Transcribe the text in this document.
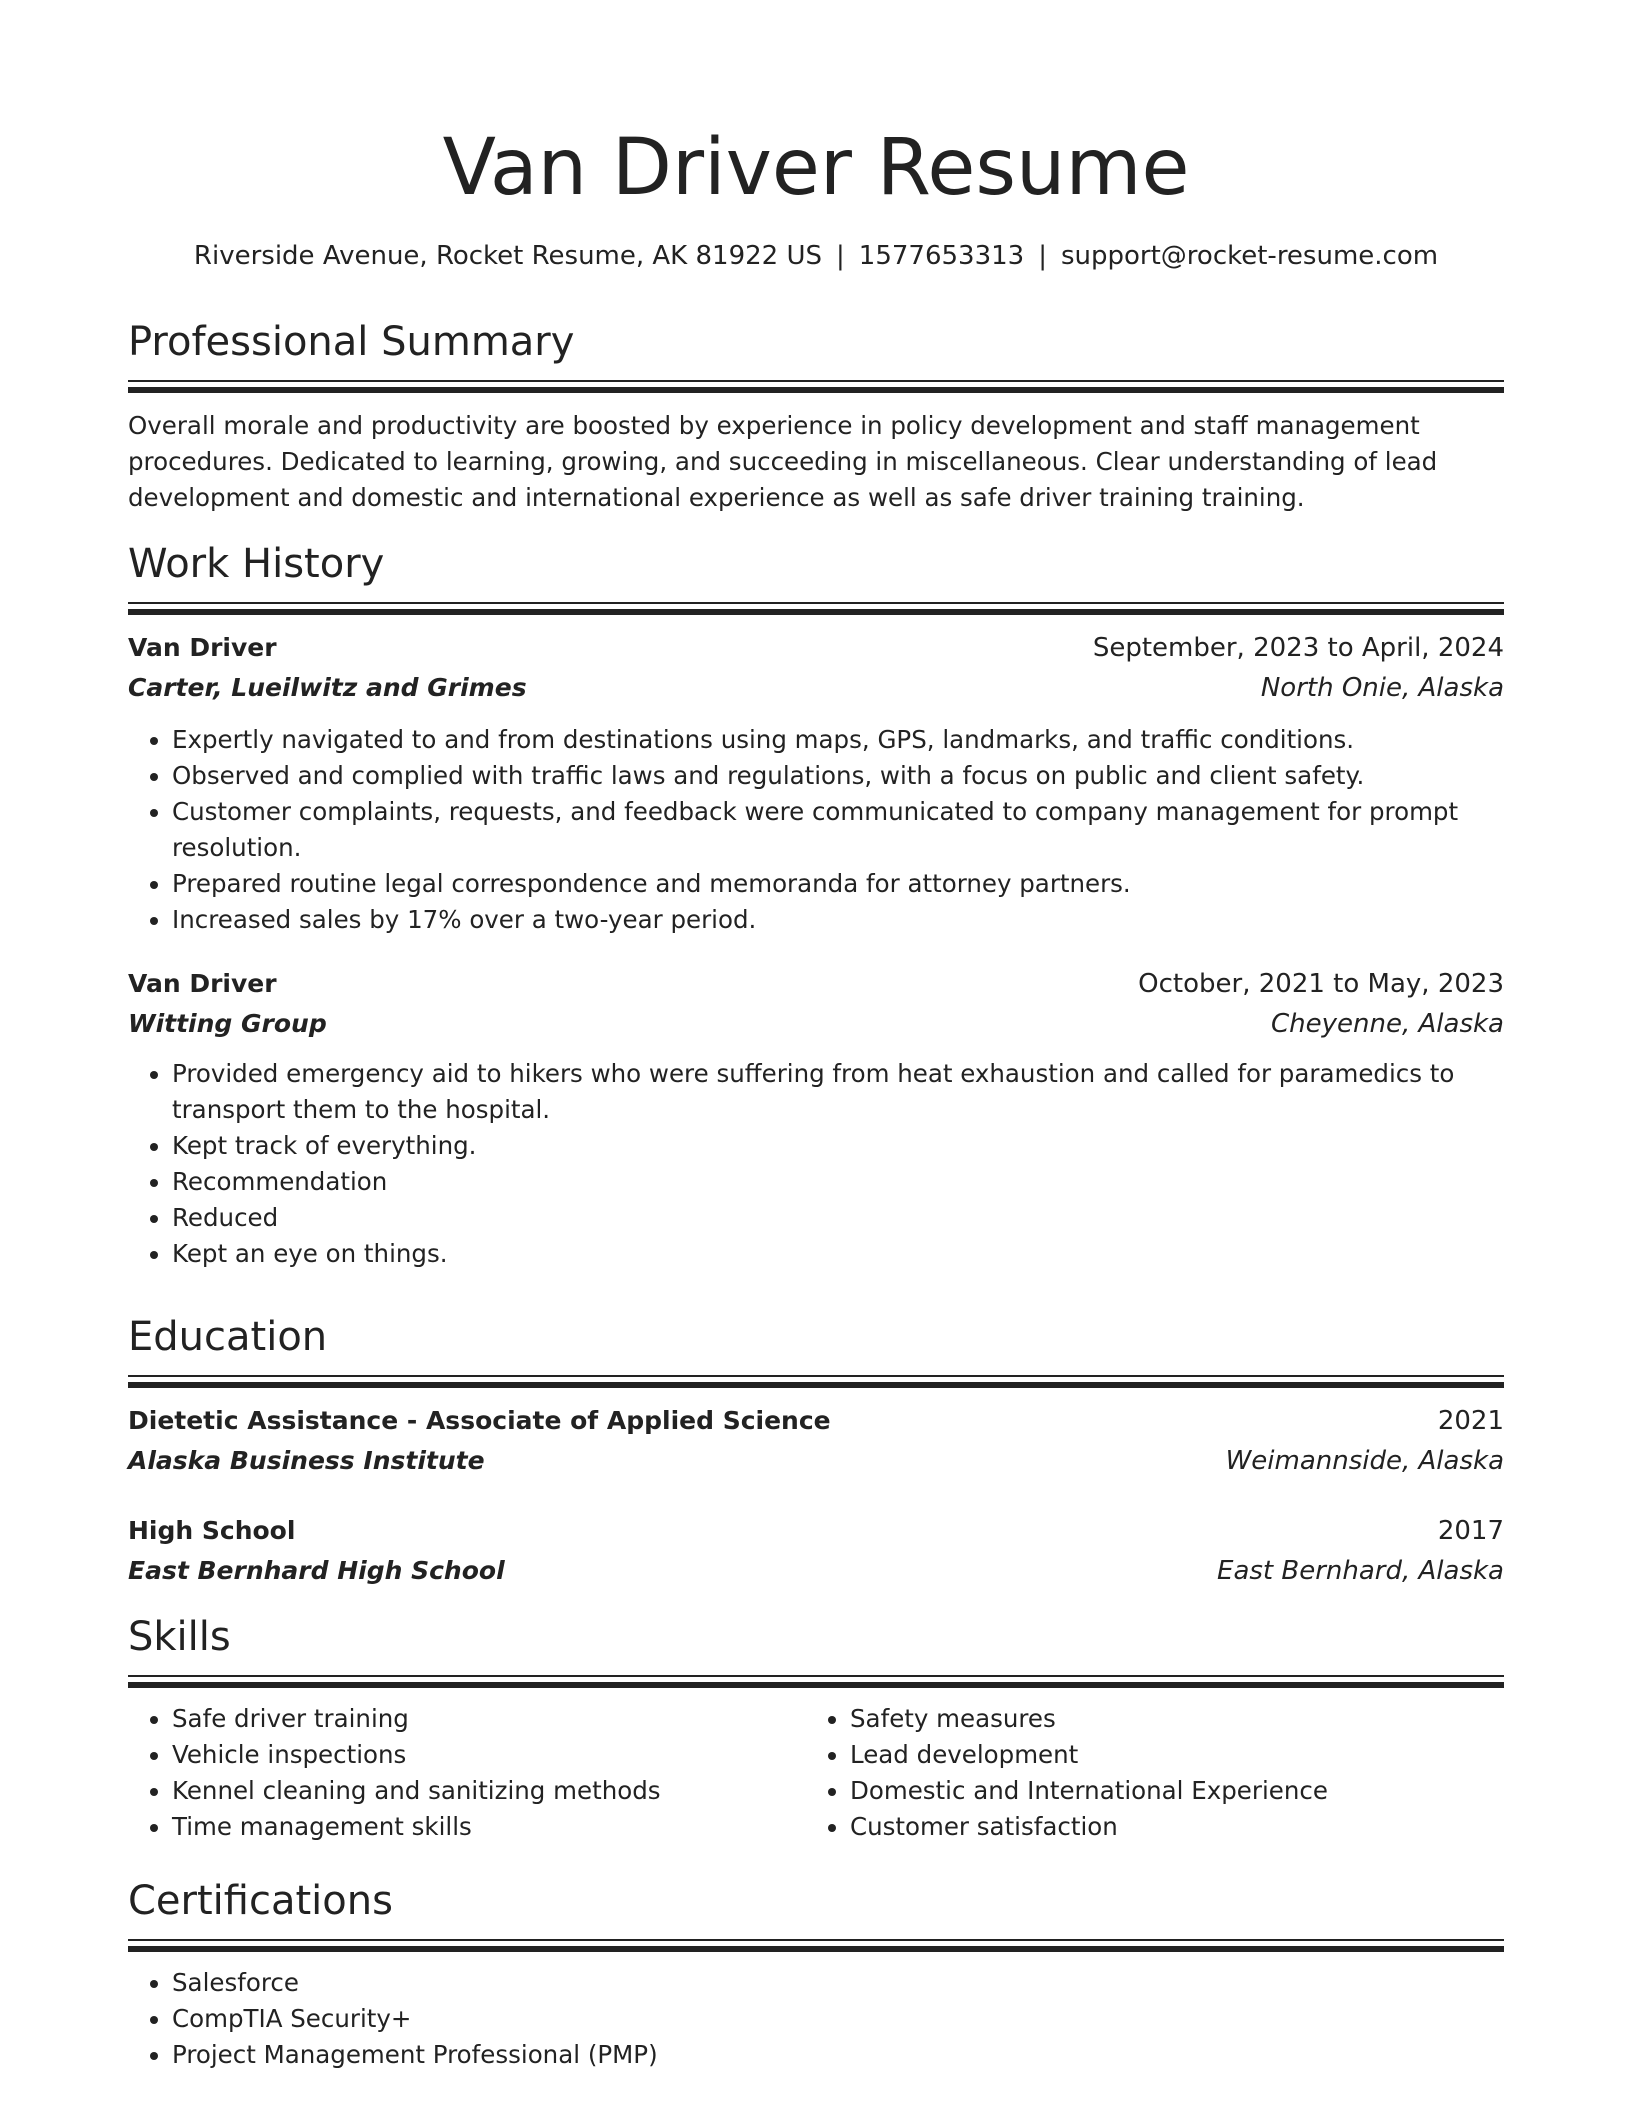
Van Driver Resume
Riverside Avenue, Rocket Resume, AK 81922 US | 1577653313 | support@rocket-resume.com
Professional Summary
Overall morale and productivity are boosted by experience in policy development and staff management procedures. Dedicated to learning, growing, and succeeding in miscellaneous. Clear understanding of lead development and domestic and international experience as well as safe driver training training.
Work History
Van Driver	September, 2023 to April, 2024
Carter, Lueilwitz and Grimes	North Onie, Alaska
• Expertly navigated to and from destinations using maps, GPS, landmarks, and traffic conditions.
• Observed and complied with traffic laws and regulations, with a focus on public and client safety.
• Customer complaints, requests, and feedback were communicated to company management for prompt resolution.
• Prepared routine legal correspondence and memoranda for attorney partners.
• Increased sales by 17% over a two-year period.
Van Driver	October, 2021 to May, 2023
Witting Group	Cheyenne, Alaska
• Provided emergency aid to hikers who were suffering from heat exhaustion and called for paramedics to transport them to the hospital.
• Kept track of everything.
• Recommendation
• Reduced
• Kept an eye on things.
Education
Dietetic Assistance - Associate of Applied Science	2021
Alaska Business Institute	Weimannside, Alaska
High School	2017
East Bernhard High School	East Bernhard, Alaska
Skills
• Safe driver training
• Vehicle inspections
• Kennel cleaning and sanitizing methods
• Time management skills
• Safety measures
• Lead development
• Domestic and International Experience
• Customer satisfaction
Certifications
• Salesforce
• CompTIA Security+
• Project Management Professional (PMP)
